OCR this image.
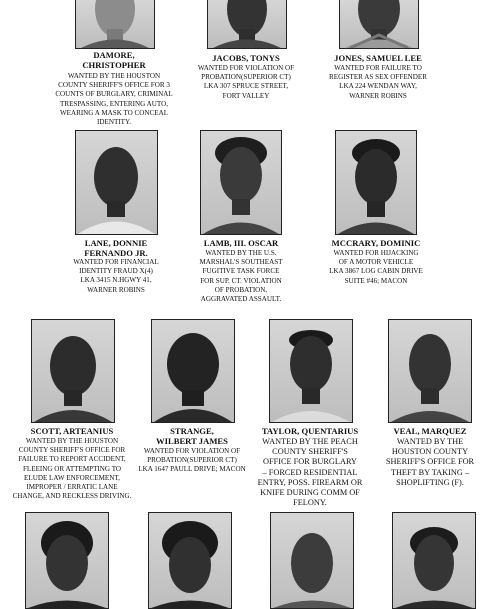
DAMORE,
CHRISTOPHER
WANTED BY THE HOUSTON
COUNTY SHERIFF'S OFFICE FOR 3
COUNTS OF BURGLARY, CRIMINAL
TRESPASSING, ENTERING AUTO,
WEARING A MASK TO CONCEAL
IDENTITY.
JACOBS, TONYS
WANTED FOR VIOLATION OF
PROBATION(SUPERIOR CT)
LKA 307 SPRUCE STREET,
FORT VALLEY
JONES, SAMUEL LEE
WANTED FOR FAILURE TO
REGISTER AS SEX OFFENDER
LKA 224 WENDAN WAY,
WARNER ROBINS
LANE, DONNIE
FERNANDO JR.
WANTED FOR FINANCIAL
IDENTITY FRAUD X(4)
LKA 3415 N.HGWY 41,
WARNER ROBINS
LAMB, III. OSCAR
WANTED BY THE U.S.
MARSHAL'S SOUTHEAST
FUGITIVE TASK FORCE
FOR SUP. CT. VIOLATION
OF PROBATION,
AGGRAVATED ASSAULT.
MCCRARY, DOMINIC
WANTED FOR HIJACKING
OF A MOTOR VEHICLE
LKA 3867 LOG CABIN DRIVE
SUITE #46; MACON
SCOTT, ARTEANIUS
WANTED BY THE HOUSTON
COUNTY SHERIFF'S OFFICE FOR
FAILURE TO REPORT ACCIDENT,
FLEEING OR ATTEMPTING TO
ELUDE LAW ENFORCEMENT,
IMPROPER / ERRATIC LANE
CHANGE, AND RECKLESS DRIVING.
STRANGE,
WILBERT JAMES
WANTED FOR VIOLATION OF
PROBATION(SUPERIOR CT)
LKA 1647 PAULL DRIVE; MACON
TAYLOR, QUENTARIUS
WANTED BY THE PEACH
COUNTY SHERIFF'S
OFFICE FOR BURGLARY
– FORCED RESIDENTIAL
ENTRY, POSS. FIREARM OR
KNIFE DURING COMM OF
FELONY.
VEAL, MARQUEZ
WANTED BY THE
HOUSTON COUNTY
SHERIFF'S OFFICE FOR
THEFT BY TAKING –
SHOPLIFTING (F).
